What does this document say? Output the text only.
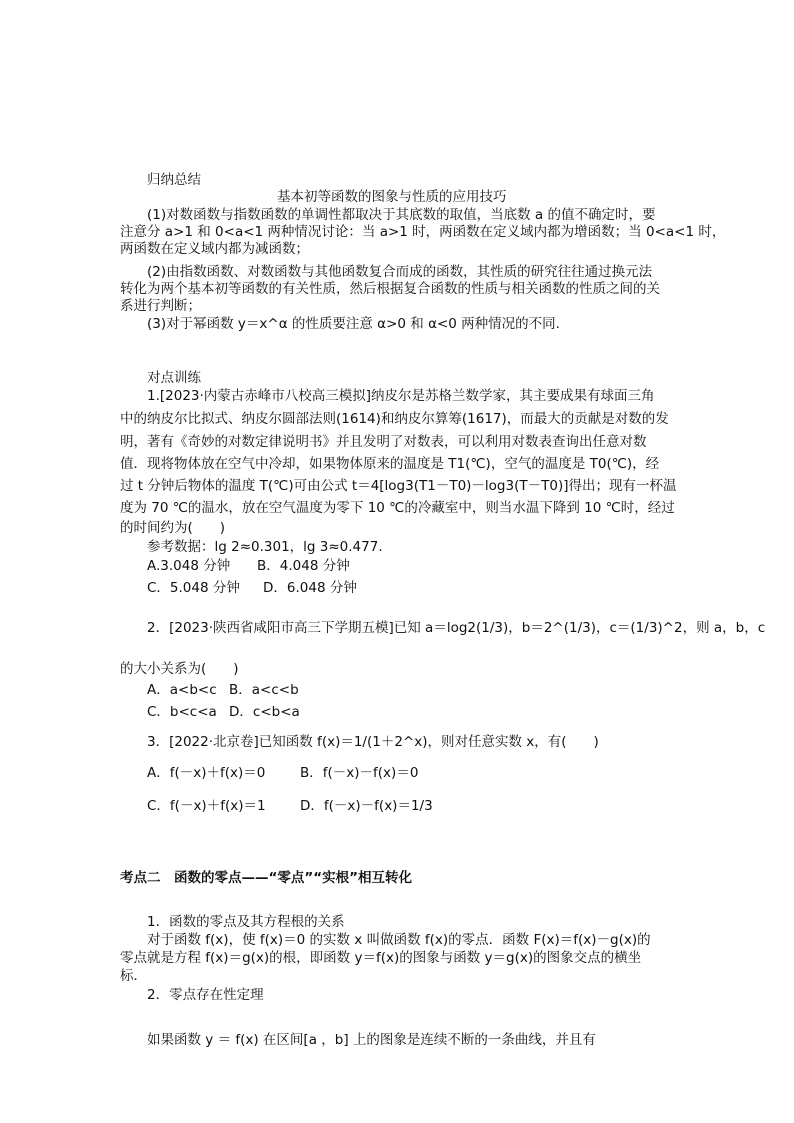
归纳总结
基本初等函数的图象与性质的应用技巧
(1)对数函数与指数函数的单调性都取决于其底数的取值，当底数 a 的值不确定时，要
注意分 a>1 和 0<a<1 两种情况讨论：当 a>1 时，两函数在定义域内都为增函数；当 0<a<1 时，
两函数在定义域内都为减函数；
(2)由指数函数、对数函数与其他函数复合而成的函数，其性质的研究往往通过换元法
转化为两个基本初等函数的有关性质，然后根据复合函数的性质与相关函数的性质之间的关
系进行判断；
(3)对于幂函数 y＝x^α 的性质要注意 α>0 和 α<0 两种情况的不同.
对点训练
1.[2023·内蒙古赤峰市八校高三模拟]纳皮尔是苏格兰数学家，其主要成果有球面三角
中的纳皮尔比拟式、纳皮尔圆部法则(1614)和纳皮尔算筹(1617)，而最大的贡献是对数的发
明，著有《奇妙的对数定律说明书》并且发明了对数表，可以利用对数表查询出任意对数
值．现将物体放在空气中冷却，如果物体原来的温度是 T1(℃)，空气的温度是 T0(℃)，经
过 t 分钟后物体的温度 T(℃)可由公式 t＝4[log3(T1－T0)－log3(T－T0)]得出；现有一杯温
度为 70 ℃的温水，放在空气温度为零下 10 ℃的冷藏室中，则当水温下降到 10 ℃时，经过
的时间约为(　　)
参考数据：lg 2≈0.301，lg 3≈0.477.
A.3.048 分钟 B．4.048 分钟
C．5.048 分钟 D．6.048 分钟
2．[2023·陕西省咸阳市高三下学期五模]已知 a＝log2(1/3)，b＝2^(1/3)，c＝(1/3)^2，则 a，b，c
的大小关系为(　　)
A．a<b<c B．a<c<b
C．b<c<a D．c<b<a
3．[2022·北京卷]已知函数 f(x)＝1/(1＋2^x)，则对任意实数 x，有(　　)
A．f(－x)＋f(x)＝0	B．f(－x)－f(x)＝0
C．f(－x)＋f(x)＝1	D．f(－x)－f(x)＝1/3
考点二　函数的零点——“零点”“实根”相互转化
1．函数的零点及其方程根的关系
对于函数 f(x)，使 f(x)＝0 的实数 x 叫做函数 f(x)的零点．函数 F(x)＝f(x)－g(x)的
零点就是方程 f(x)＝g(x)的根，即函数 y＝f(x)的图象与函数 y＝g(x)的图象交点的横坐
标．
2．零点存在性定理
如果函数 y ＝ f(x) 在区间[a ，b] 上的图象是连续不断的一条曲线，并且有
